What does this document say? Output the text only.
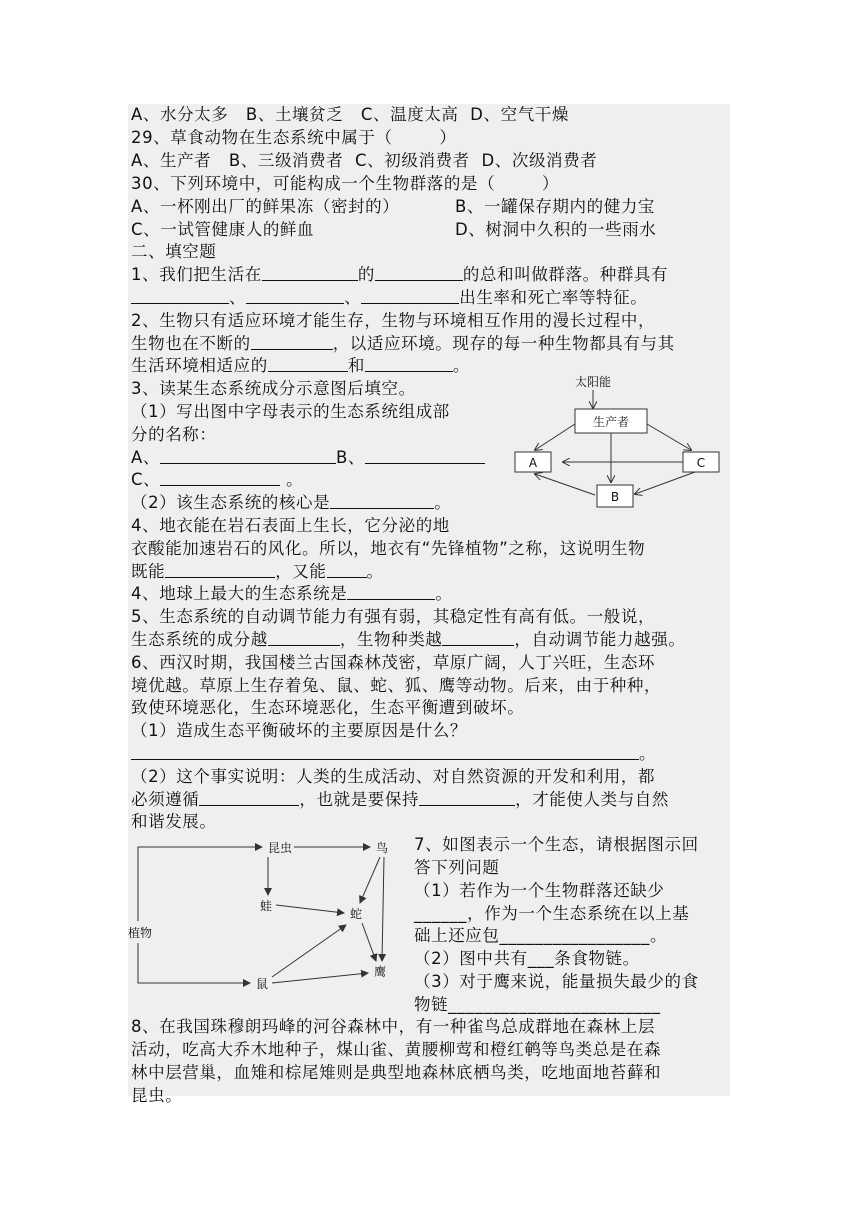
A、水分太多   B、土壤贫乏   C、温度太高  D、空气干燥
29、草食动物在生态系统中属于（        ）
A、生产者   B、三级消费者  C、初级消费者  D、次级消费者
30、下列环境中，可能构成一个生物群落的是（        ）
A、一杯刚出厂的鲜果冻（密封的）	B、一罐保存期内的健力宝
C、一试管健康人的鲜血	D、树洞中久积的一些雨水
二、填空题
1、我们把生活在	的	的总和叫做群落。种群具有
、	、	出生率和死亡率等特征。
2、生物只有适应环境才能生存，生物与环境相互作用的漫长过程中，
生物也在不断的	，以适应环境。现存的每一种生物都具有与其
生活环境相适应的	和	。
3、读某生态系统成分示意图后填空。
（1）写出图中字母表示的生态系统组成部
分的名称：
A、	B、
C、	。
（2）该生态系统的核心是	。
太阳能
生产者
A	C
B
4、地衣能在岩石表面上生长，它分泌的地
衣酸能加速岩石的风化。所以，地衣有“先锋植物”之称，这说明生物
既能	，又能 。
4、地球上最大的生态系统是	。
5、生态系统的自动调节能力有强有弱，其稳定性有高有低。一般说，
生态系统的成分越	，生物种类越	，自动调节能力越强。
6、西汉时期，我国楼兰古国森林茂密，草原广阔，人丁兴旺，生态环
境优越。草原上生存着兔、鼠、蛇、狐、鹰等动物。后来，由于种种，
致使环境恶化，生态环境恶化，生态平衡遭到破坏。
（1）造成生态平衡破坏的主要原因是什么？
。
（2）这个事实说明：人类的生成活动、对自然资源的开发和利用，都
必须遵循	，也就是要保持	，才能使人类与自然
和谐发展。
昆虫	鸟
蛙
蛇
植物
鼠
鹰
7、如图表示一个生态，请根据图示回
答下列问题
（1）若作为一个生物群落还缺少
______，作为一个生态系统在以上基
础上还应包_________________。
（2）图中共有___条食物链。
（3）对于鹰来说，能量损失最少的食
物链________________________
8、在我国珠穆朗玛峰的河谷森林中，有一种雀鸟总成群地在森林上层
活动，吃高大乔木地种子，煤山雀、黄腰柳莺和橙红鹌等鸟类总是在森
林中层营巢，血雉和棕尾雉则是典型地森林底栖鸟类，吃地面地苔藓和
昆虫。
